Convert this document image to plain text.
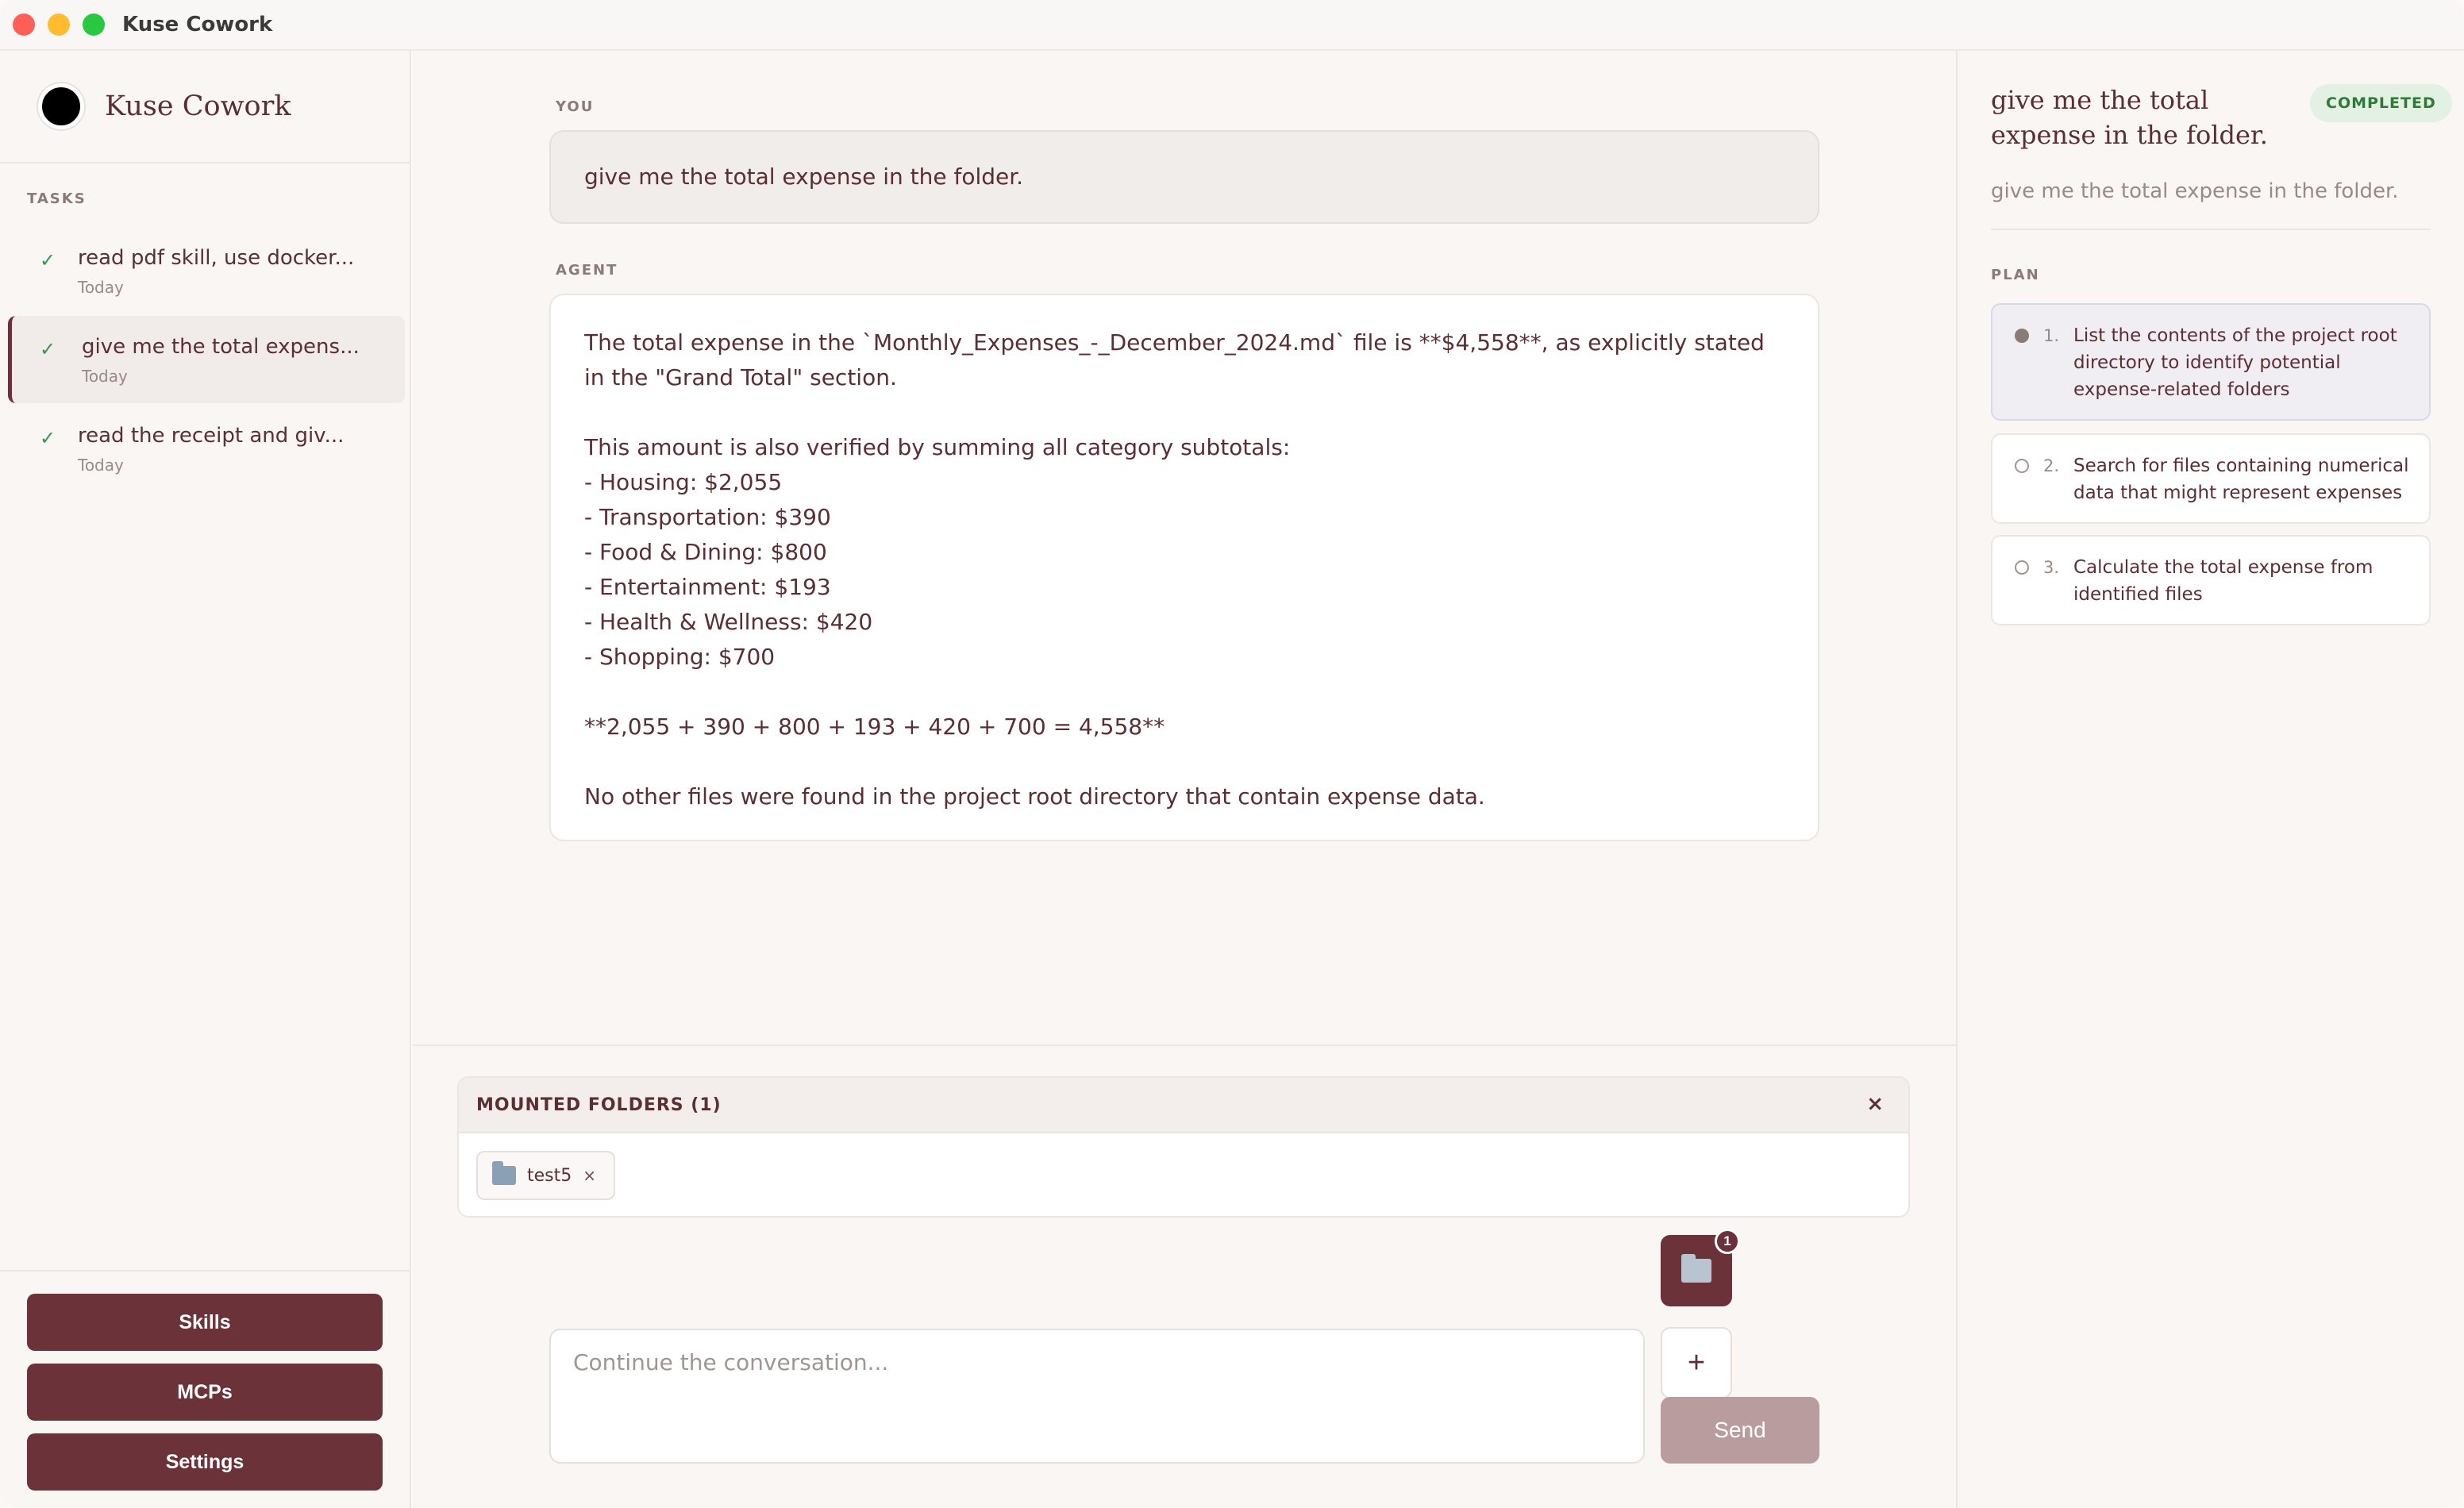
Kuse Cowork
Kuse Cowork
TASKS
✓ read pdf skill, use docker...
Today
✓ give me the total expens...
Today
✓ read the receipt and giv...
Today
Skills
MCPs
Settings
YOU
give me the total expense in the folder.
AGENT

The total expense in the `Monthly_Expenses_-_December_2024.md` file is **$4,558**, as explicitly stated in the "Grand Total" section.

This amount is also verified by summing all category subtotals:

- Housing: $2,055

- Transportation: $390

- Food & Dining: $800

- Entertainment: $193

- Health & Wellness: $420

- Shopping: $700

**2,055 + 390 + 800 + 193 + 420 + 700 = 4,558**

No other files were found in the project root directory that contain expense data.

MOUNTED FOLDERS (1)	×
test5 ×
1
+
Continue the conversation...
Send
give me the total expense in the folder.
COMPLETED
give me the total expense in the folder.
PLAN
1. List the contents of the project root directory to identify potential expense-related folders
2. Search for files containing numerical data that might represent expenses
3. Calculate the total expense from identified files
